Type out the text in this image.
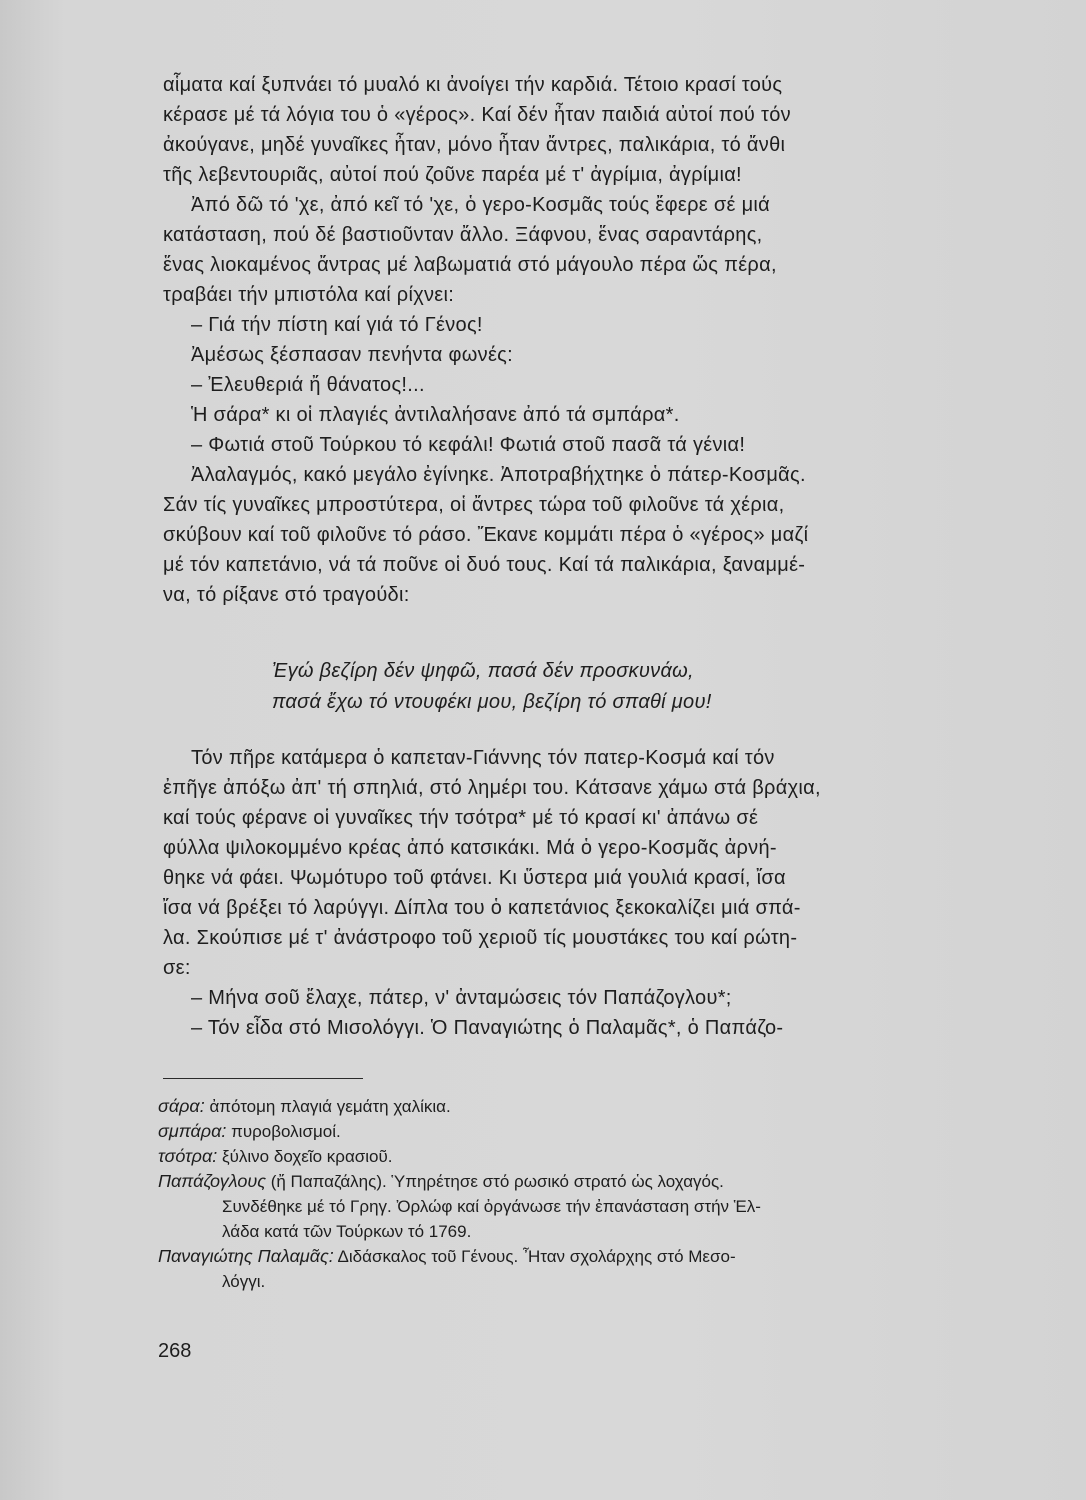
αἷματα καί ξυπνάει τό μυαλό κι ἀνοίγει τήν καρδιά. Τέτοιο κρασί τούς
κέρασε μέ τά λόγια του ὁ «γέρος». Καί δέν ἦταν παιδιά αὐτοί πού τόν
ἀκούγανε, μηδέ γυναῖκες ἦταν, μόνο ἦταν ἄντρες, παλικάρια, τό ἄνθι
τῆς λεβεντουριᾶς, αὐτοί πού ζοῦνε παρέα μέ τ' ἀγρίμια, ἀγρίμια!
Ἀπό δῶ τό 'χε, ἀπό κεῖ τό 'χε, ὁ γερο-Κοσμᾶς τούς ἔφερε σέ μιά
κατάσταση, πού δέ βαστιοῦνταν ἄλλο. Ξάφνου, ἕνας σαραντάρης,
ἕνας λιοκαμένος ἄντρας μέ λαβωματιά στό μάγουλο πέρα ὥς πέρα,
τραβάει τήν μπιστόλα καί ρίχνει:
– Γιά τήν πίστη καί γιά τό Γένος!
Ἀμέσως ξέσπασαν πενήντα φωνές:
– Ἐλευθεριά ἤ θάνατος!...
Ἡ σάρα* κι οἱ πλαγιές ἀντιλαλήσανε ἀπό τά σμπάρα*.
– Φωτιά στοῦ Τούρκου τό κεφάλι! Φωτιά στοῦ πασᾶ τά γένια!
Ἀλαλαγμός, κακό μεγάλο ἐγίνηκε. Ἀποτραβήχτηκε ὁ πάτερ-Κοσμᾶς.
Σάν τίς γυναῖκες μπροστύτερα, οἱ ἄντρες τώρα τοῦ φιλοῦνε τά χέρια,
σκύβουν καί τοῦ φιλοῦνε τό ράσο. Ἔκανε κομμάτι πέρα ὁ «γέρος» μαζί
μέ τόν καπετάνιο, νά τά ποῦνε οἱ δυό τους. Καί τά παλικάρια, ξαναμμέ-
να, τό ρίξανε στό τραγούδι:
Ἐγώ βεζίρη δέν ψηφῶ, πασά δέν προσκυνάω,
πασά ἔχω τό ντουφέκι μου, βεζίρη τό σπαθί μου!
Τόν πῆρε κατάμερα ὁ καπεταν-Γιάννης τόν πατερ-Κοσμά καί τόν
ἐπῆγε ἀπόξω ἀπ' τή σπηλιά, στό λημέρι του. Κάτσανε χάμω στά βράχια,
καί τούς φέρανε οἱ γυναῖκες τήν τσότρα* μέ τό κρασί κι' ἀπάνω σέ
φύλλα ψιλοκομμένο κρέας ἀπό κατσικάκι. Μά ὁ γερο-Κοσμᾶς ἀρνή-
θηκε νά φάει. Ψωμότυρο τοῦ φτάνει. Κι ὕστερα μιά γουλιά κρασί, ἴσα
ἴσα νά βρέξει τό λαρύγγι. Δίπλα του ὁ καπετάνιος ξεκοκαλίζει μιά σπά-
λα. Σκούπισε μέ τ' ἀνάστροφο τοῦ χεριοῦ τίς μουστάκες του καί ρώτη-
σε:
– Μήνα σοῦ ἔλαχε, πάτερ, ν' ἀνταμώσεις τόν Παπάζογλου*;
– Τόν εἶδα στό Μισολόγγι. Ὁ Παναγιώτης ὁ Παλαμᾶς*, ὁ Παπάζο-
σάρα: ἀπότομη πλαγιά γεμάτη χαλίκια.
σμπάρα: πυροβολισμοί.
τσότρα: ξύλινο δοχεῖο κρασιοῦ.
Παπάζογλους (ἤ Παπαζάλης). Ὑπηρέτησε στό ρωσικό στρατό ὡς λοχαγός.
Συνδέθηκε μέ τό Γρηγ. Ὀρλώφ καί ὀργάνωσε τήν ἐπανάσταση στήν Ἑλ-
λάδα κατά τῶν Τούρκων τό 1769.
Παναγιώτης Παλαμᾶς: Διδάσκαλος τοῦ Γένους. Ἦταν σχολάρχης στό Μεσο-
λόγγι.
268
